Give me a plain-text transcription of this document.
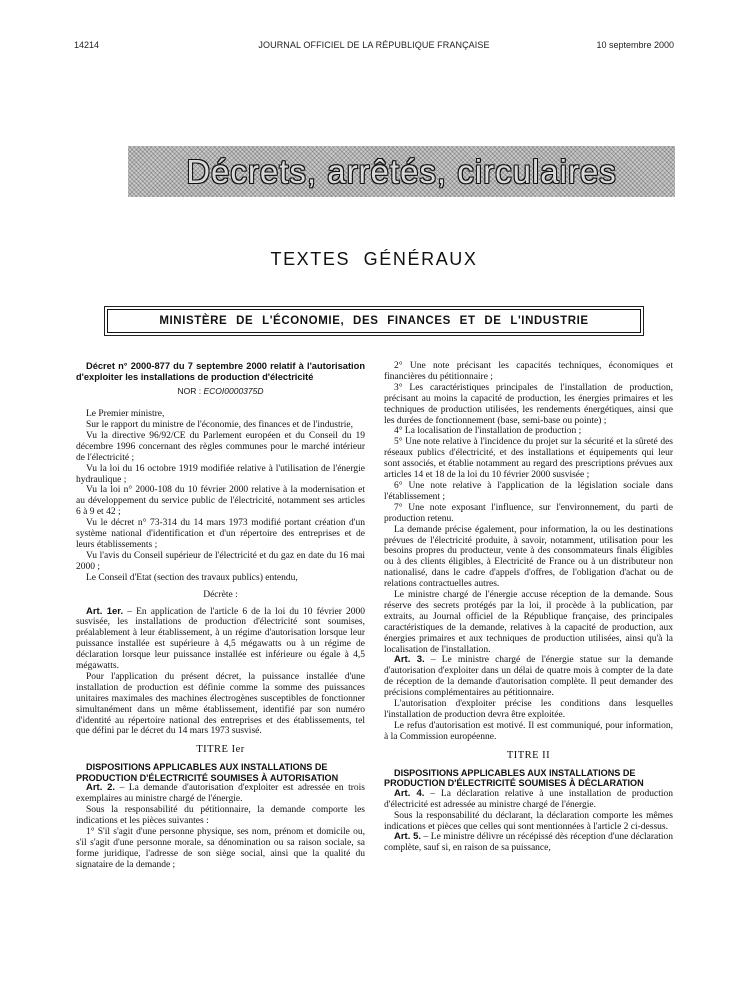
14214	JOURNAL OFFICIEL DE LA RÉPUBLIQUE FRANÇAISE	10 septembre 2000
Décrets, arrêtés, circulaires
TEXTES GÉNÉRAUX
MINISTÈRE DE L'ÉCONOMIE, DES FINANCES ET DE L'INDUSTRIE

Décret n° 2000-877 du 7 septembre 2000 relatif à l'autorisation d'exploiter les installations de production d'électricité

NOR : ECOI0000375D

Le Premier ministre,

Sur le rapport du ministre de l'économie, des finances et de l'industrie,

Vu la directive 96/92/CE du Parlement européen et du Conseil du 19 décembre 1996 concernant des règles communes pour le marché intérieur de l'électricité ;

Vu la loi du 16 octobre 1919 modifiée relative à l'utilisation de l'énergie hydraulique ;

Vu la loi n° 2000-108 du 10 février 2000 relative à la modernisation et au développement du service public de l'électricité, notamment ses articles 6 à 9 et 42 ;

Vu le décret n° 73-314 du 14 mars 1973 modifié portant création d'un système national d'identification et d'un répertoire des entreprises et de leurs établissements ;

Vu l'avis du Conseil supérieur de l'électricité et du gaz en date du 16 mai 2000 ;

Le Conseil d'Etat (section des travaux publics) entendu,

Décrète :

Art. 1er. – En application de l'article 6 de la loi du 10 février 2000 susvisée, les installations de production d'électricité sont soumises, préalablement à leur établissement, à un régime d'autorisation lorsque leur puissance installée est supérieure à 4,5 mégawatts ou à un régime de déclaration lorsque leur puissance installée est inférieure ou égale à 4,5 mégawatts.

Pour l'application du présent décret, la puissance installée d'une installation de production est définie comme la somme des puissances unitaires maximales des machines électrogènes susceptibles de fonctionner simultanément dans un même établissement, identifié par son numéro d'identité au répertoire national des entreprises et des établissements, tel que défini par le décret du 14 mars 1973 susvisé.

TITRE Ier

DISPOSITIONS APPLICABLES AUX INSTALLATIONS DE PRODUCTION D'ÉLECTRICITÉ SOUMISES À AUTORISATION

Art. 2. – La demande d'autorisation d'exploiter est adressée en trois exemplaires au ministre chargé de l'énergie.

Sous la responsabilité du pétitionnaire, la demande comporte les indications et les pièces suivantes :

1° S'il s'agit d'une personne physique, ses nom, prénom et domicile ou, s'il s'agit d'une personne morale, sa dénomination ou sa raison sociale, sa forme juridique, l'adresse de son siège social, ainsi que la qualité du signataire de la demande ;

2° Une note précisant les capacités techniques, économiques et financières du pétitionnaire ;

3° Les caractéristiques principales de l'installation de production, précisant au moins la capacité de production, les énergies primaires et les techniques de production utilisées, les rendements énergétiques, ainsi que les durées de fonctionnement (base, semi-base ou pointe) ;

4° La localisation de l'installation de production ;

5° Une note relative à l'incidence du projet sur la sécurité et la sûreté des réseaux publics d'électricité, et des installations et équipements qui leur sont associés, et établie notamment au regard des prescriptions prévues aux articles 14 et 18 de la loi du 10 février 2000 susvisée ;

6° Une note relative à l'application de la législation sociale dans l'établissement ;

7° Une note exposant l'influence, sur l'environnement, du parti de production retenu.

La demande précise également, pour information, la ou les destinations prévues de l'électricité produite, à savoir, notamment, utilisation pour les besoins propres du producteur, vente à des consommateurs finals éligibles ou à des clients éligibles, à Electricité de France ou à un distributeur non nationalisé, dans le cadre d'appels d'offres, de l'obligation d'achat ou de relations contractuelles autres.

Le ministre chargé de l'énergie accuse réception de la demande. Sous réserve des secrets protégés par la loi, il procède à la publication, par extraits, au Journal officiel de la République française, des principales caractéristiques de la demande, relatives à la capacité de production, aux énergies primaires et aux techniques de production utilisées, ainsi qu'à la localisation de l'installation.

Art. 3. – Le ministre chargé de l'énergie statue sur la demande d'autorisation d'exploiter dans un délai de quatre mois à compter de la date de réception de la demande d'autorisation complète. Il peut demander des précisions complémentaires au pétitionnaire.

L'autorisation d'exploiter précise les conditions dans lesquelles l'installation de production devra être exploitée.

Le refus d'autorisation est motivé. Il est communiqué, pour information, à la Commission européenne.

TITRE II

DISPOSITIONS APPLICABLES AUX INSTALLATIONS DE PRODUCTION D'ÉLECTRICITÉ SOUMISES À DÉCLARATION

Art. 4. – La déclaration relative à une installation de production d'électricité est adressée au ministre chargé de l'énergie.

Sous la responsabilité du déclarant, la déclaration comporte les mêmes indications et pièces que celles qui sont mentionnées à l'article 2 ci-dessus.

Art. 5. – Le ministre délivre un récépissé dès réception d'une déclaration complète, sauf si, en raison de sa puissance,
